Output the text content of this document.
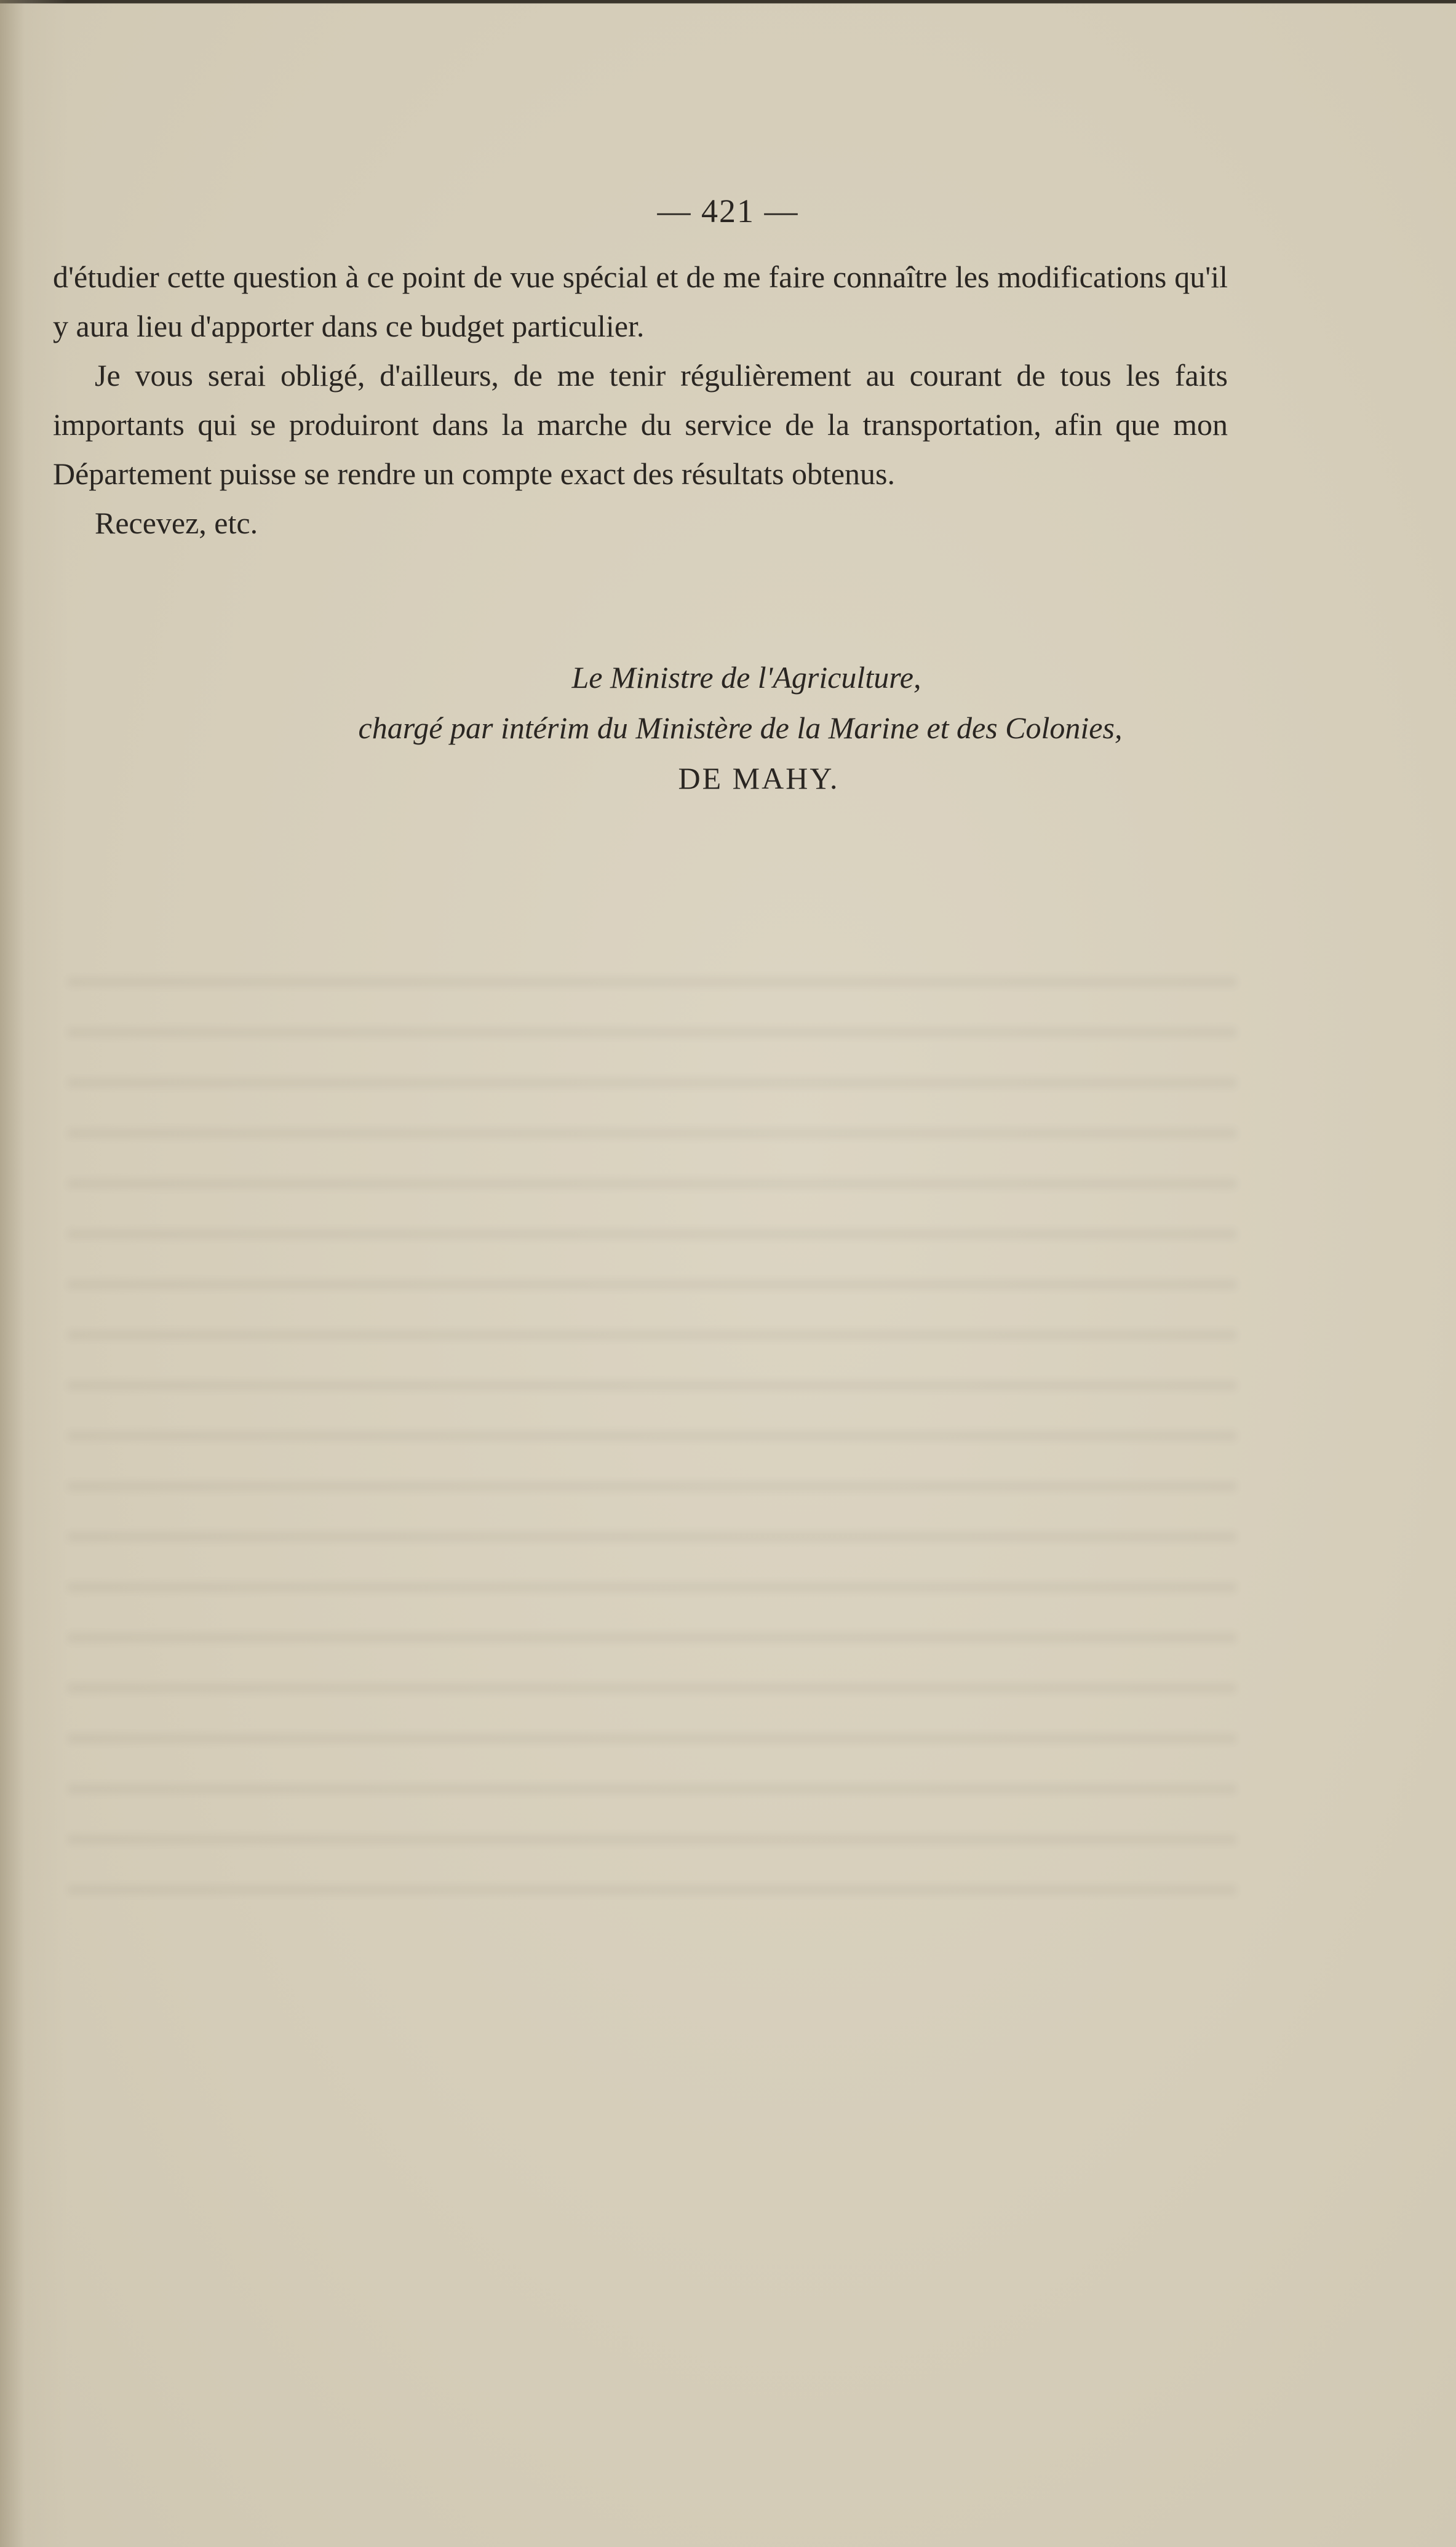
— 421 —

d'étudier cette question à ce point de vue spécial et de me faire connaître les modifications qu'il y aura lieu d'apporter dans ce budget particulier.

Je vous serai obligé, d'ailleurs, de me tenir régulièrement au courant de tous les faits importants qui se produiront dans la marche du service de la transportation, afin que mon Département puisse se rendre un compte exact des résultats obtenus.

Recevez, etc.

Le Ministre de l'Agriculture,
chargé par intérim du Ministère de la Marine et des Colonies,
DE MAHY.
